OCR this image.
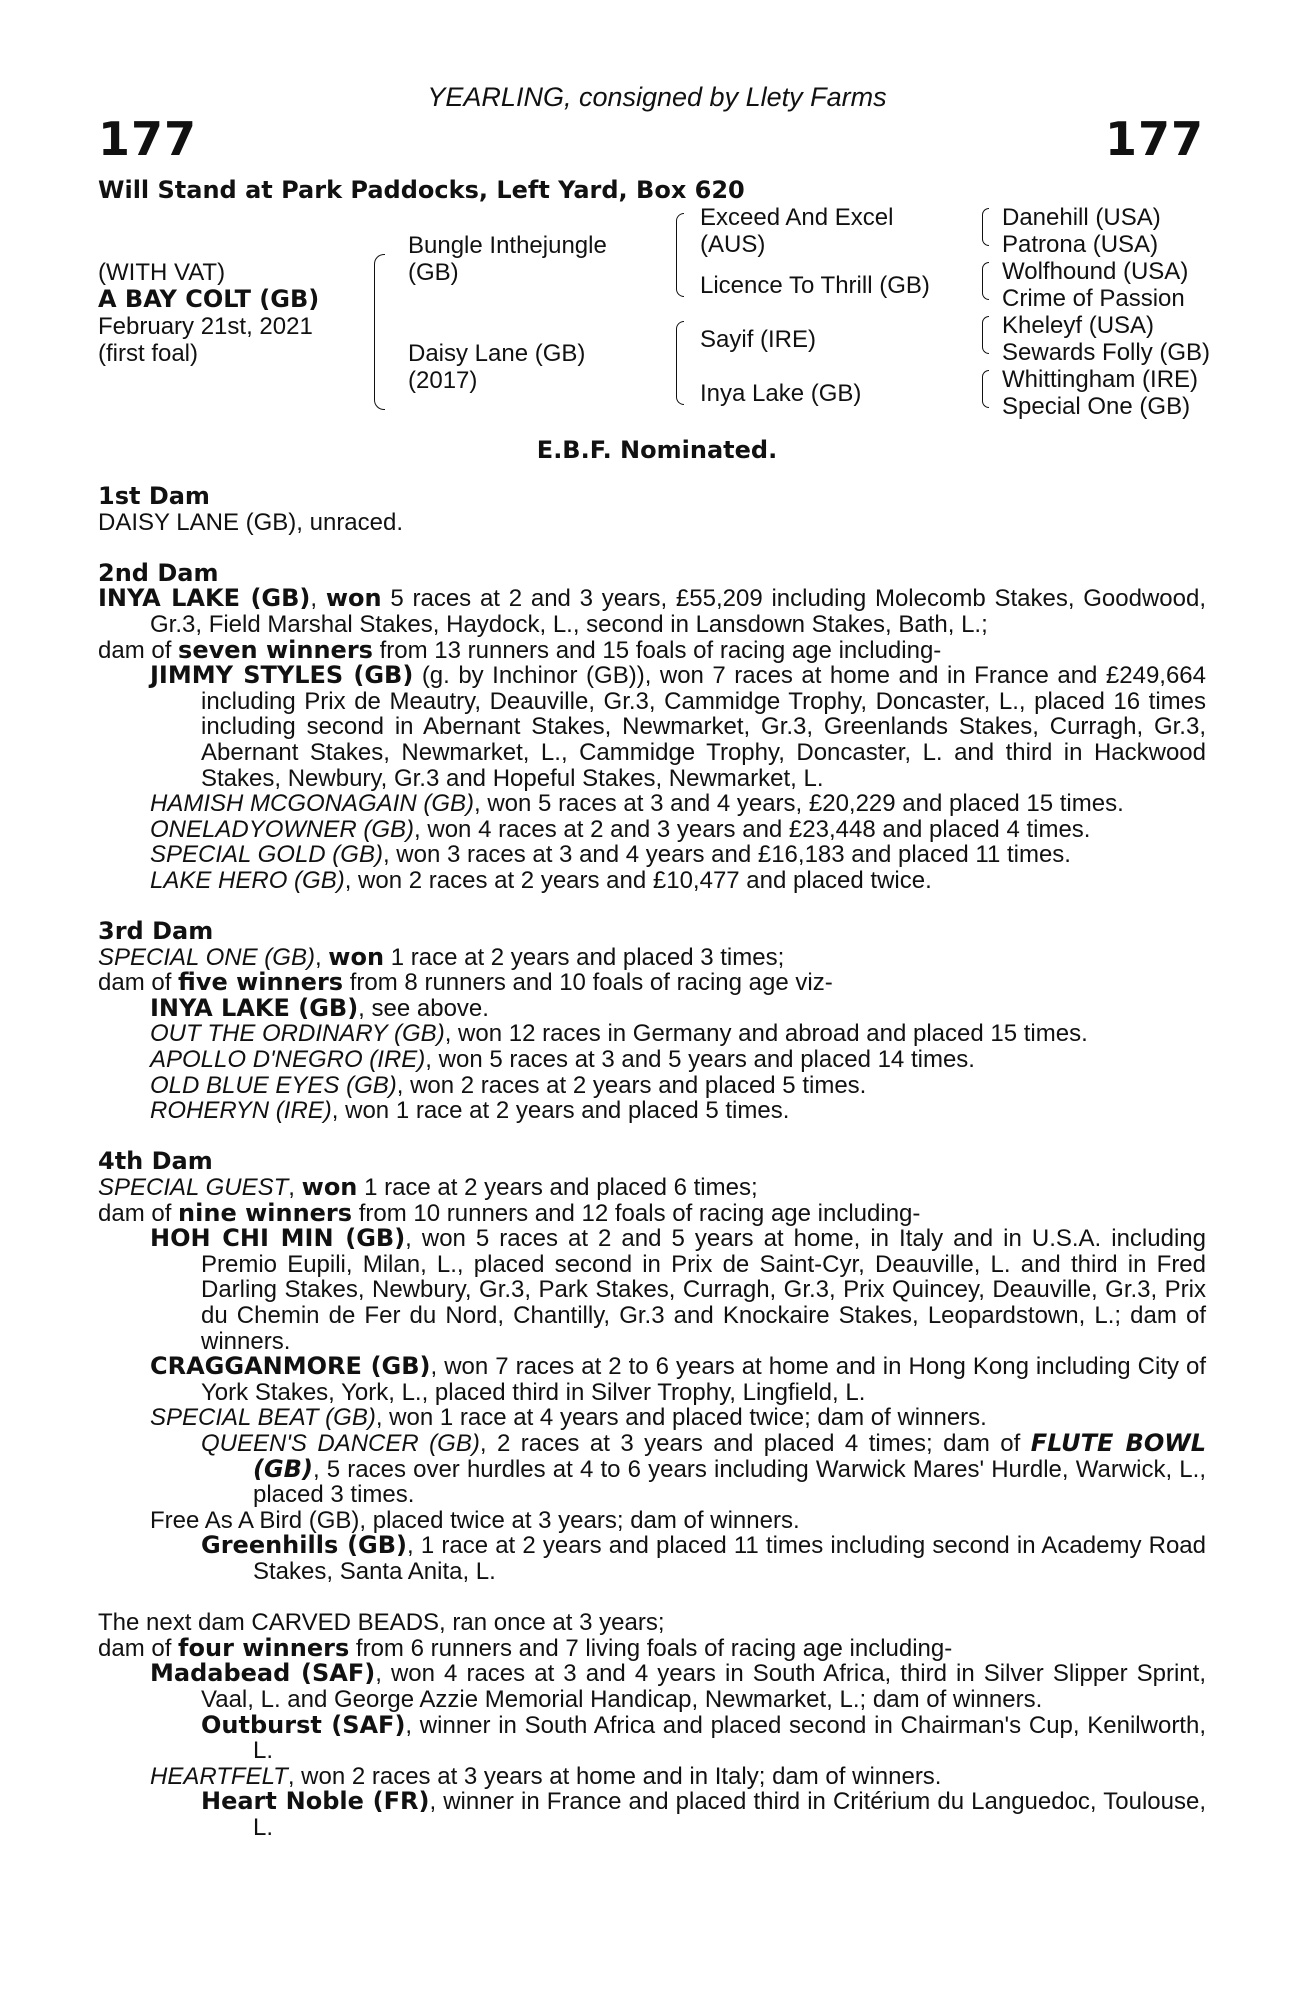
YEARLING, consigned by Llety Farms
177	177
Will Stand at Park Paddocks, Left Yard, Box 620
(WITH VAT)
A BAY COLT (GB)
February 21st, 2021
(first foal)
Bungle Inthejungle
(GB)
Daisy Lane (GB)
(2017)
Exceed And Excel
(AUS)
Licence To Thrill (GB)
Sayif (IRE)
Inya Lake (GB)
Danehill (USA)
Patrona (USA)
Wolfhound (USA)
Crime of Passion
Kheleyf (USA)
Sewards Folly (GB)
Whittingham (IRE)
Special One (GB)
E.B.F. Nominated.
1st Dam
DAISY LANE (GB), unraced.
2nd Dam
INYA LAKE (GB), won 5 races at 2 and 3 years, £55,209 including Molecomb Stakes, Goodwood, Gr.3, Field Marshal Stakes, Haydock, L., second in Lansdown Stakes, Bath, L.;
dam of seven winners from 13 runners and 15 foals of racing age including-
JIMMY STYLES (GB) (g. by Inchinor (GB)), won 7 races at home and in France and £249,664 including Prix de Meautry, Deauville, Gr.3, Cammidge Trophy, Doncaster, L., placed 16 times including second in Abernant Stakes, Newmarket, Gr.3, Greenlands Stakes, Curragh, Gr.3, Abernant Stakes, Newmarket, L., Cammidge Trophy, Doncaster, L. and third in Hackwood Stakes, Newbury, Gr.3 and Hopeful Stakes, Newmarket, L.
HAMISH MCGONAGAIN (GB), won 5 races at 3 and 4 years, £20,229 and placed 15 times.
ONELADYOWNER (GB), won 4 races at 2 and 3 years and £23,448 and placed 4 times.
SPECIAL GOLD (GB), won 3 races at 3 and 4 years and £16,183 and placed 11 times.
LAKE HERO (GB), won 2 races at 2 years and £10,477 and placed twice.
3rd Dam
SPECIAL ONE (GB), won 1 race at 2 years and placed 3 times;
dam of five winners from 8 runners and 10 foals of racing age viz-
INYA LAKE (GB), see above.
OUT THE ORDINARY (GB), won 12 races in Germany and abroad and placed 15 times.
APOLLO D'NEGRO (IRE), won 5 races at 3 and 5 years and placed 14 times.
OLD BLUE EYES (GB), won 2 races at 2 years and placed 5 times.
ROHERYN (IRE), won 1 race at 2 years and placed 5 times.
4th Dam
SPECIAL GUEST, won 1 race at 2 years and placed 6 times;
dam of nine winners from 10 runners and 12 foals of racing age including-
HOH CHI MIN (GB), won 5 races at 2 and 5 years at home, in Italy and in U.S.A. including Premio Eupili, Milan, L., placed second in Prix de Saint-Cyr, Deauville, L. and third in Fred Darling Stakes, Newbury, Gr.3, Park Stakes, Curragh, Gr.3, Prix Quincey, Deauville, Gr.3, Prix du Chemin de Fer du Nord, Chantilly, Gr.3 and Knockaire Stakes, Leopardstown, L.; dam of winners.
CRAGGANMORE (GB), won 7 races at 2 to 6 years at home and in Hong Kong including City of York Stakes, York, L., placed third in Silver Trophy, Lingfield, L.
SPECIAL BEAT (GB), won 1 race at 4 years and placed twice; dam of winners.
QUEEN'S DANCER (GB), 2 races at 3 years and placed 4 times; dam of FLUTE BOWL (GB), 5 races over hurdles at 4 to 6 years including Warwick Mares' Hurdle, Warwick, L., placed 3 times.
Free As A Bird (GB), placed twice at 3 years; dam of winners.
Greenhills (GB), 1 race at 2 years and placed 11 times including second in Academy Road Stakes, Santa Anita, L.
The next dam CARVED BEADS, ran once at 3 years;
dam of four winners from 6 runners and 7 living foals of racing age including-
Madabead (SAF), won 4 races at 3 and 4 years in South Africa, third in Silver Slipper Sprint, Vaal, L. and George Azzie Memorial Handicap, Newmarket, L.; dam of winners.
Outburst (SAF), winner in South Africa and placed second in Chairman's Cup, Kenilworth, L.
HEARTFELT, won 2 races at 3 years at home and in Italy; dam of winners.
Heart Noble (FR), winner in France and placed third in Critérium du Languedoc, Toulouse, L.
